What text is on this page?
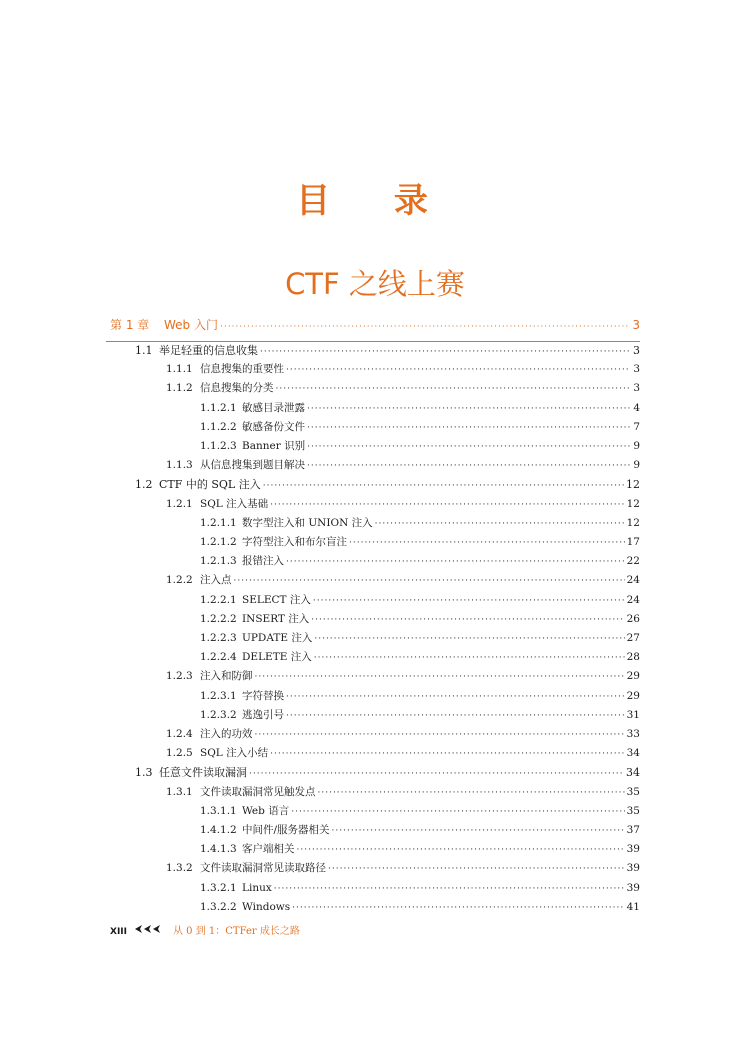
目 录
CTF 之线上赛
第 1 章	Web 入门 ·····	3
1.1 举足轻重的信息收集 ·····	3
1.1.1 信息搜集的重要性 ·····	3
1.1.2 信息搜集的分类 ·····	3
1.1.2.1 敏感目录泄露 ·····	4
1.1.2.2 敏感备份文件 ·····	7
1.1.2.3 Banner 识别 ·····	9
1.1.3 从信息搜集到题目解决 ·····	9
1.2 CTF 中的 SQL 注入 ·····	12
1.2.1 SQL 注入基础 ·····	12
1.2.1.1 数字型注入和 UNION 注入 ·····	12
1.2.1.2 字符型注入和布尔盲注 ·····	17
1.2.1.3 报错注入 ·····	22
1.2.2 注入点 ·····	24
1.2.2.1 SELECT 注入 ·····	24
1.2.2.2 INSERT 注入 ·····	26
1.2.2.3 UPDATE 注入 ·····	27
1.2.2.4 DELETE 注入 ·····	28
1.2.3 注入和防御 ·····	29
1.2.3.1 字符替换 ·····	29
1.2.3.2 逃逸引号 ·····	31
1.2.4 注入的功效 ·····	33
1.2.5 SQL 注入小结 ·····	34
1.3 任意文件读取漏洞 ·····	34
1.3.1 文件读取漏洞常见触发点 ·····	35
1.3.1.1 Web 语言 ·····	35
1.4.1.2 中间件/服务器相关 ·····	37
1.4.1.3 客户端相关 ·····	39
1.3.2 文件读取漏洞常见读取路径 ·····	39
1.3.2.1 Linux ·····	39
1.3.2.2 Windows ·····	41
XIII	从 0 到 1：CTFer 成长之路
